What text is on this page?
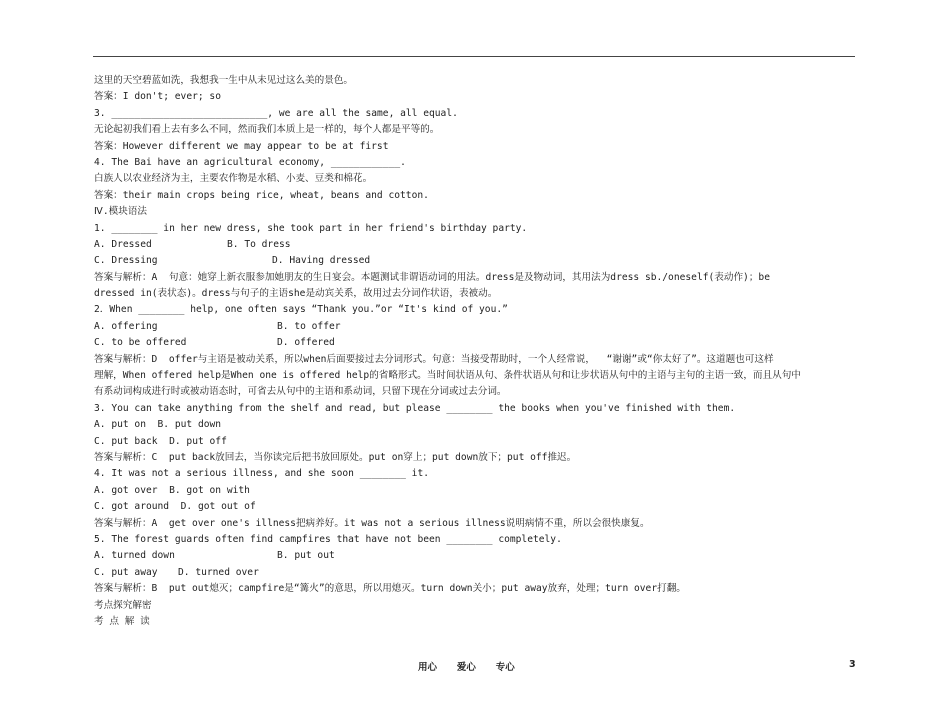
这里的天空碧蓝如洗，我想我一生中从未见过这么美的景色。
答案：I don't; ever; so
3. ___________________________, we are all the same, all equal.
无论起初我们看上去有多么不同，然而我们本质上是一样的，每个人都是平等的。
答案：However different we may appear to be at first
4. The Bai have an agricultural economy, ____________.
白族人以农业经济为主，主要农作物是水稻、小麦、豆类和棉花。
答案：their main crops being rice, wheat, beans and cotton.
Ⅳ.模块语法
1. ________ in her new dress, she took part in her friend's birthday party.
A. Dressed	B. To dress
C. Dressing	D. Having dressed
答案与解析：A  句意：她穿上新衣服参加她朋友的生日宴会。本题测试非谓语动词的用法。dress是及物动词，其用法为dress sb./oneself(表动作)；be
dressed in(表状态)。dress与句子的主语she是动宾关系，故用过去分词作状语，表被动。
2．When ________ help, one often says “Thank you.”or “It's kind of you.”
A. offering	B. to offer
C. to be offered	D. offered
答案与解析：D  offer与主语是被动关系，所以when后面要接过去分词形式。句意：当接受帮助时，一个人经常说，  “谢谢”或“你太好了”。这道题也可这样
理解，When offered help是When one is offered help的省略形式。当时间状语从句、条件状语从句和让步状语从句中的主语与主句的主语一致，而且从句中
有系动词构成进行时或被动语态时，可省去从句中的主语和系动词，只留下现在分词或过去分词。
3. You can take anything from the shelf and read, but please ________ the books when you've finished with them.
A. put on  B. put down
C. put back  D. put off
答案与解析：C  put back放回去，当你读完后把书放回原处。put on穿上；put down放下；put off推迟。
4. It was not a serious illness, and she soon ________ it.
A. got over  B. got on with
C. got around  D. got out of
答案与解析：A  get over one's illness把病养好。it was not a serious illness说明病情不重，所以会很快康复。
5. The forest guards often find campfires that have not been ________ completely.
A. turned down	B. put out
C. put away	D. turned over
答案与解析：B  put out熄灭；campfire是“篝火”的意思，所以用熄灭。turn down关小；put away放弃，处理；turn over打翻。
考点探究解密
考 点 解 读
用心      爱心      专心	3
